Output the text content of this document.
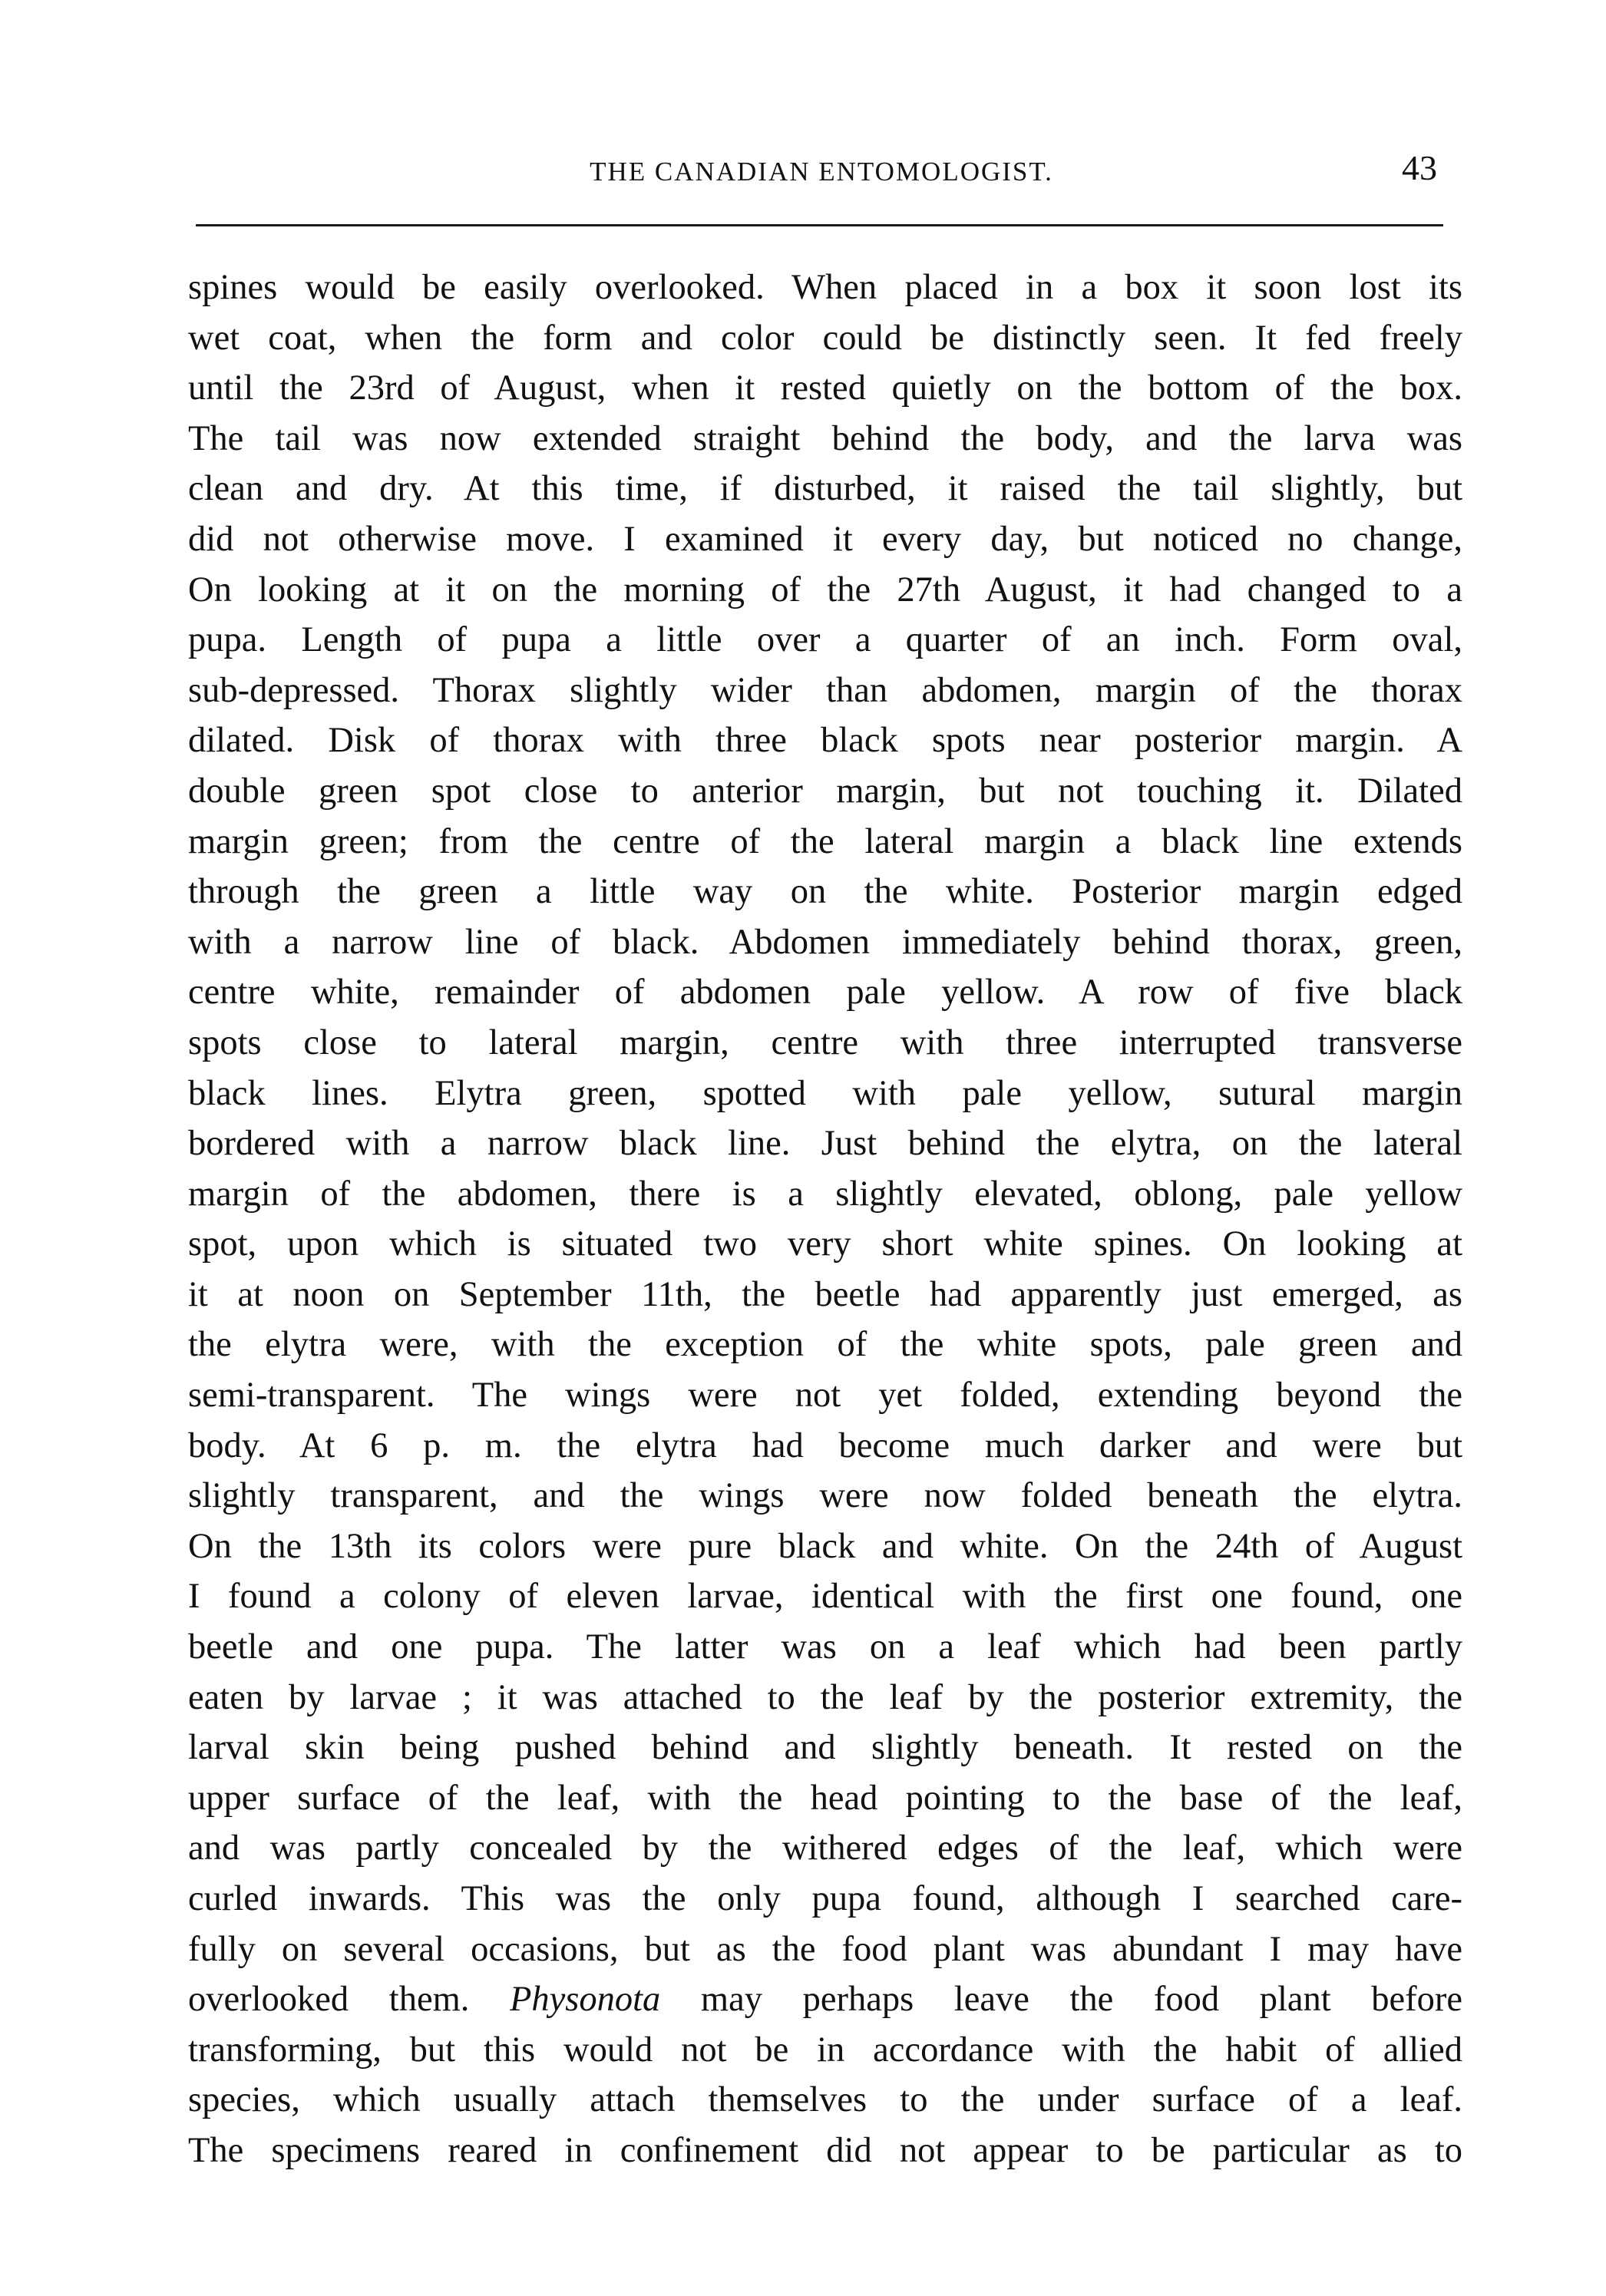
THE CANADIAN ENTOMOLOGIST.	43
spines would be easily overlooked. When placed in a box it soon lost its
wet coat, when the form and color could be distinctly seen. It fed freely
until the 23rd of August, when it rested quietly on the bottom of the box.
The tail was now extended straight behind the body, and the larva was
clean and dry. At this time, if disturbed, it raised the tail slightly, but
did not otherwise move. I examined it every day, but noticed no change,
On looking at it on the morning of the 27th August, it had changed to a
pupa. Length of pupa a little over a quarter of an inch. Form oval,
sub-depressed. Thorax slightly wider than abdomen, margin of the thorax
dilated. Disk of thorax with three black spots near posterior margin. A
double green spot close to anterior margin, but not touching it. Dilated
margin green; from the centre of the lateral margin a black line extends
through the green a little way on the white. Posterior margin edged
with a narrow line of black. Abdomen immediately behind thorax, green,
centre white, remainder of abdomen pale yellow. A row of five black
spots close to lateral margin, centre with three interrupted transverse
black lines. Elytra green, spotted with pale yellow, sutural margin
bordered with a narrow black line. Just behind the elytra, on the lateral
margin of the abdomen, there is a slightly elevated, oblong, pale yellow
spot, upon which is situated two very short white spines. On looking at
it at noon on September 11th, the beetle had apparently just emerged, as
the elytra were, with the exception of the white spots, pale green and
semi-transparent. The wings were not yet folded, extending beyond the
body. At 6 p. m. the elytra had become much darker and were but
slightly transparent, and the wings were now folded beneath the elytra.
On the 13th its colors were pure black and white. On the 24th of August
I found a colony of eleven larvae, identical with the first one found, one
beetle and one pupa. The latter was on a leaf which had been partly
eaten by larvae ; it was attached to the leaf by the posterior extremity, the
larval skin being pushed behind and slightly beneath. It rested on the
upper surface of the leaf, with the head pointing to the base of the leaf,
and was partly concealed by the withered edges of the leaf, which were
curled inwards. This was the only pupa found, although I searched care-
fully on several occasions, but as the food plant was abundant I may have
overlooked them. Physonota may perhaps leave the food plant before
transforming, but this would not be in accordance with the habit of allied
species, which usually attach themselves to the under surface of a leaf.
The specimens reared in confinement did not appear to be particular as to
